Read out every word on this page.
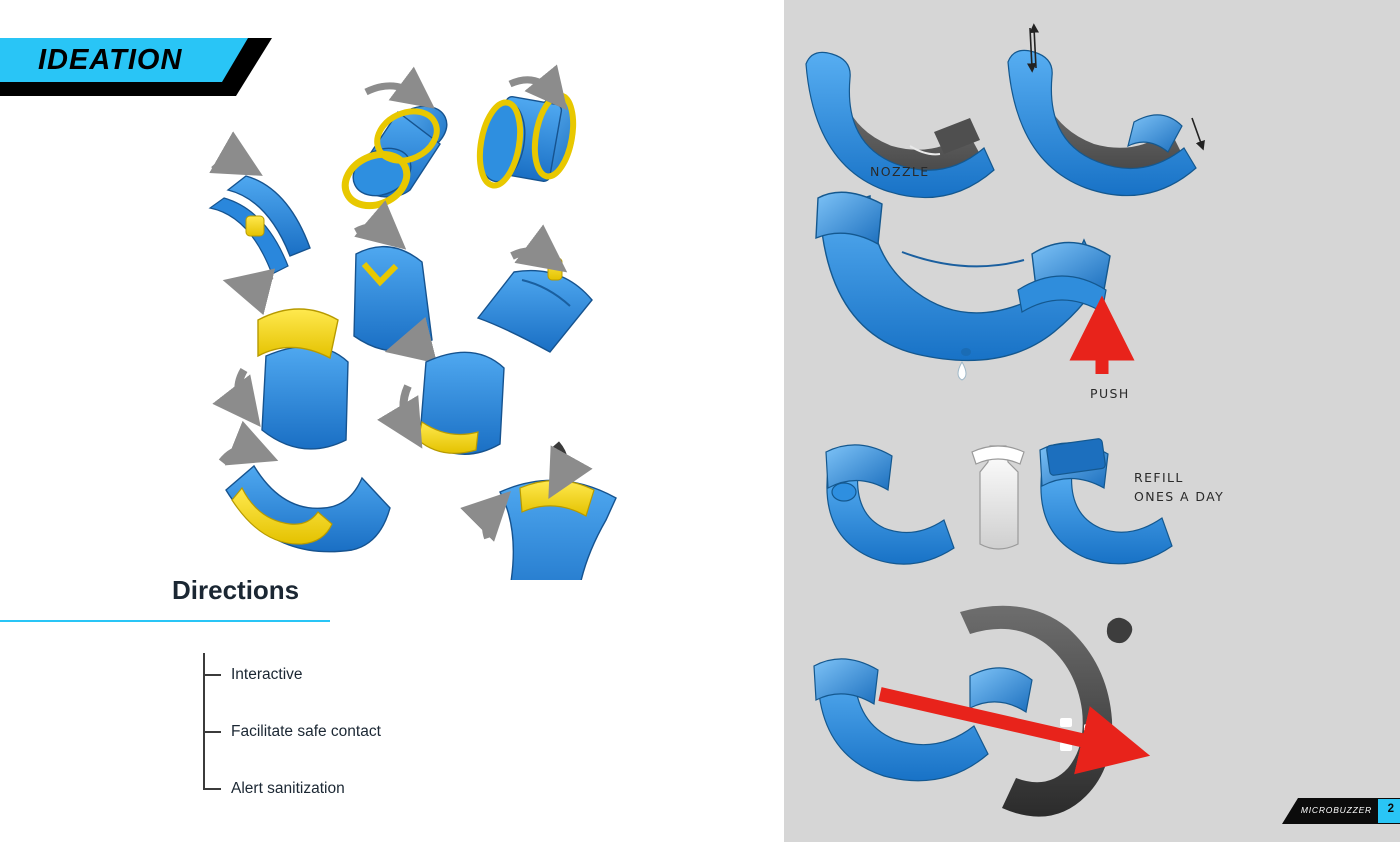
IDEATION
Directions
Interactive
Facilitate safe contact
Alert sanitization
NOZZLE
PUSH
REFILL
ONES A DAY
MICROBUZZER 2
